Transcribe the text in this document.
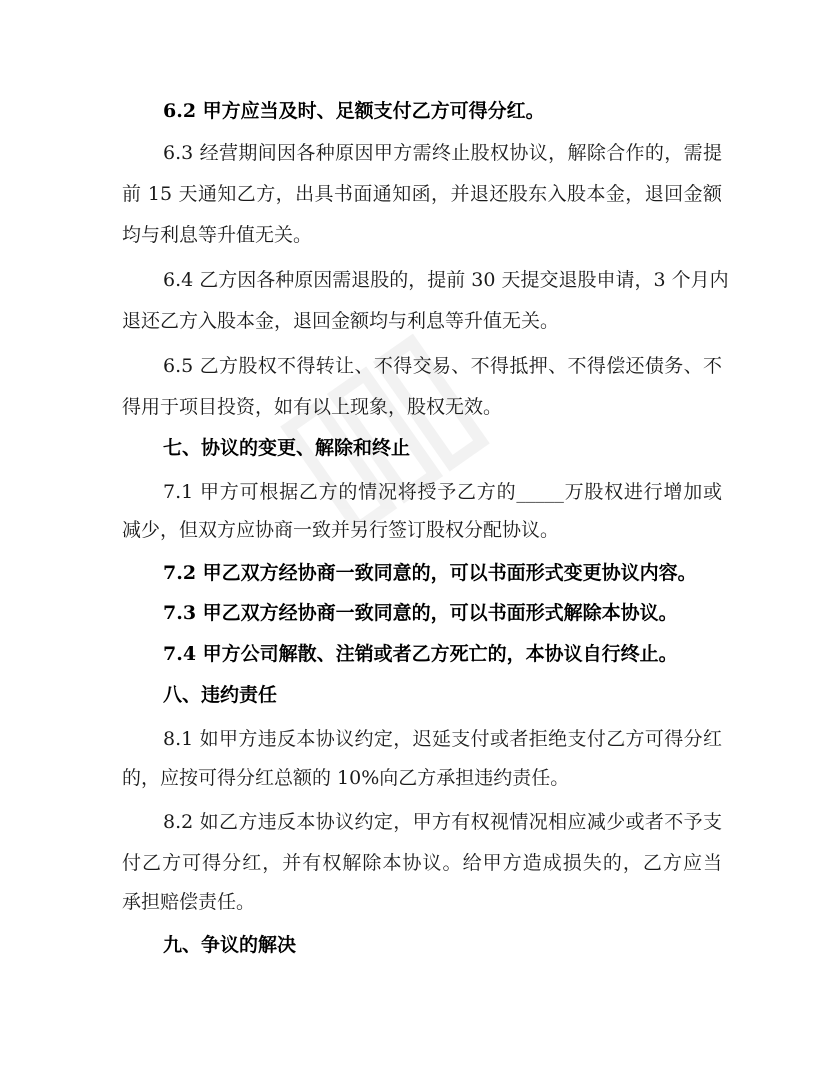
6.2 甲方应当及时、足额支付乙方可得分红。
6.3 经营期间因各种原因甲方需终止股权协议，解除合作的，需提
前 15 天通知乙方，出具书面通知函，并退还股东入股本金，退回金额
均与利息等升值无关。
6.4 乙方因各种原因需退股的，提前 30 天提交退股申请，3 个月内
退还乙方入股本金，退回金额均与利息等升值无关。
6.5 乙方股权不得转让、不得交易、不得抵押、不得偿还债务、不
得用于项目投资，如有以上现象，股权无效。
七、协议的变更、解除和终止
7.1 甲方可根据乙方的情况将授予乙方的_____万股权进行增加或
减少，但双方应协商一致并另行签订股权分配协议。
7.2 甲乙双方经协商一致同意的，可以书面形式变更协议内容。
7.3 甲乙双方经协商一致同意的，可以书面形式解除本协议。
7.4 甲方公司解散、注销或者乙方死亡的，本协议自行终止。
八、违约责任
8.1 如甲方违反本协议约定，迟延支付或者拒绝支付乙方可得分红
的，应按可得分红总额的 10%向乙方承担违约责任。
8.2 如乙方违反本协议约定，甲方有权视情况相应减少或者不予支
付乙方可得分红，并有权解除本协议。给甲方造成损失的，乙方应当
承担赔偿责任。
九、争议的解决
